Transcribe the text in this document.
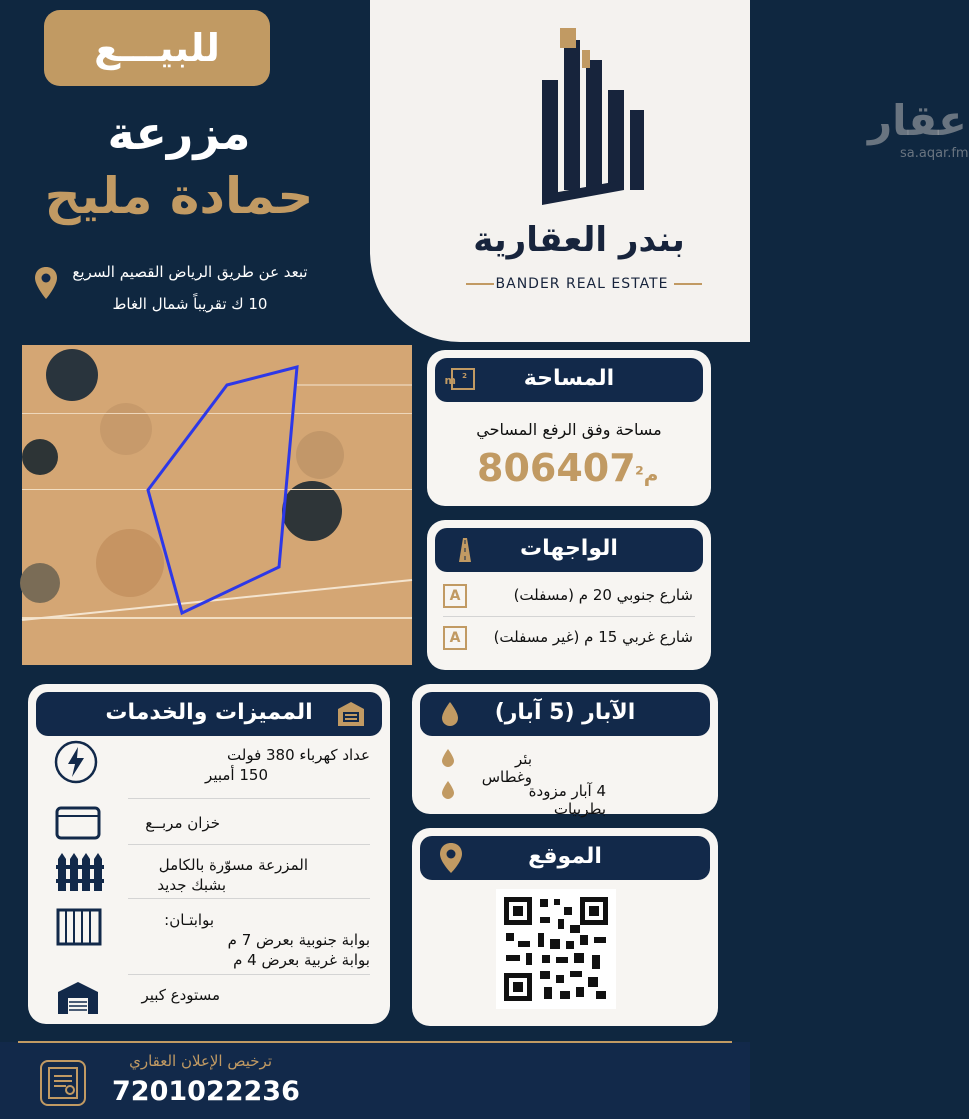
للبيـــع
مزرعة
حمادة مليح
تبعد عن طريق الرياض القصيم السريع
10 ك تقريباً شمال الغاط
عقار
sa.aqar.fm
بندر العقارية
BANDER REAL ESTATE
المساحة
m 2
مساحة وفق الرفع المساحي
806407 م²
الواجهات
شارع جنوبي 20 م (مسفلت)
A
شارع غربي 15 م (غير مسفلت)
A
المميزات والخدمات
عداد كهرباء 380 فولت
150 أمبير
خزان مربــع
المزرعة مسوّرة بالكامل
بشبك جديد
بوابتـان:
بوابة جنوبية بعرض 7 م
بوابة غربية بعرض 4 م
مستودع كبير
الآبار (5 آبار)
بئر وغطاس
4 آبار مزودة بطربيات
الموقع
ترخيص الإعلان العقاري
7201022236
